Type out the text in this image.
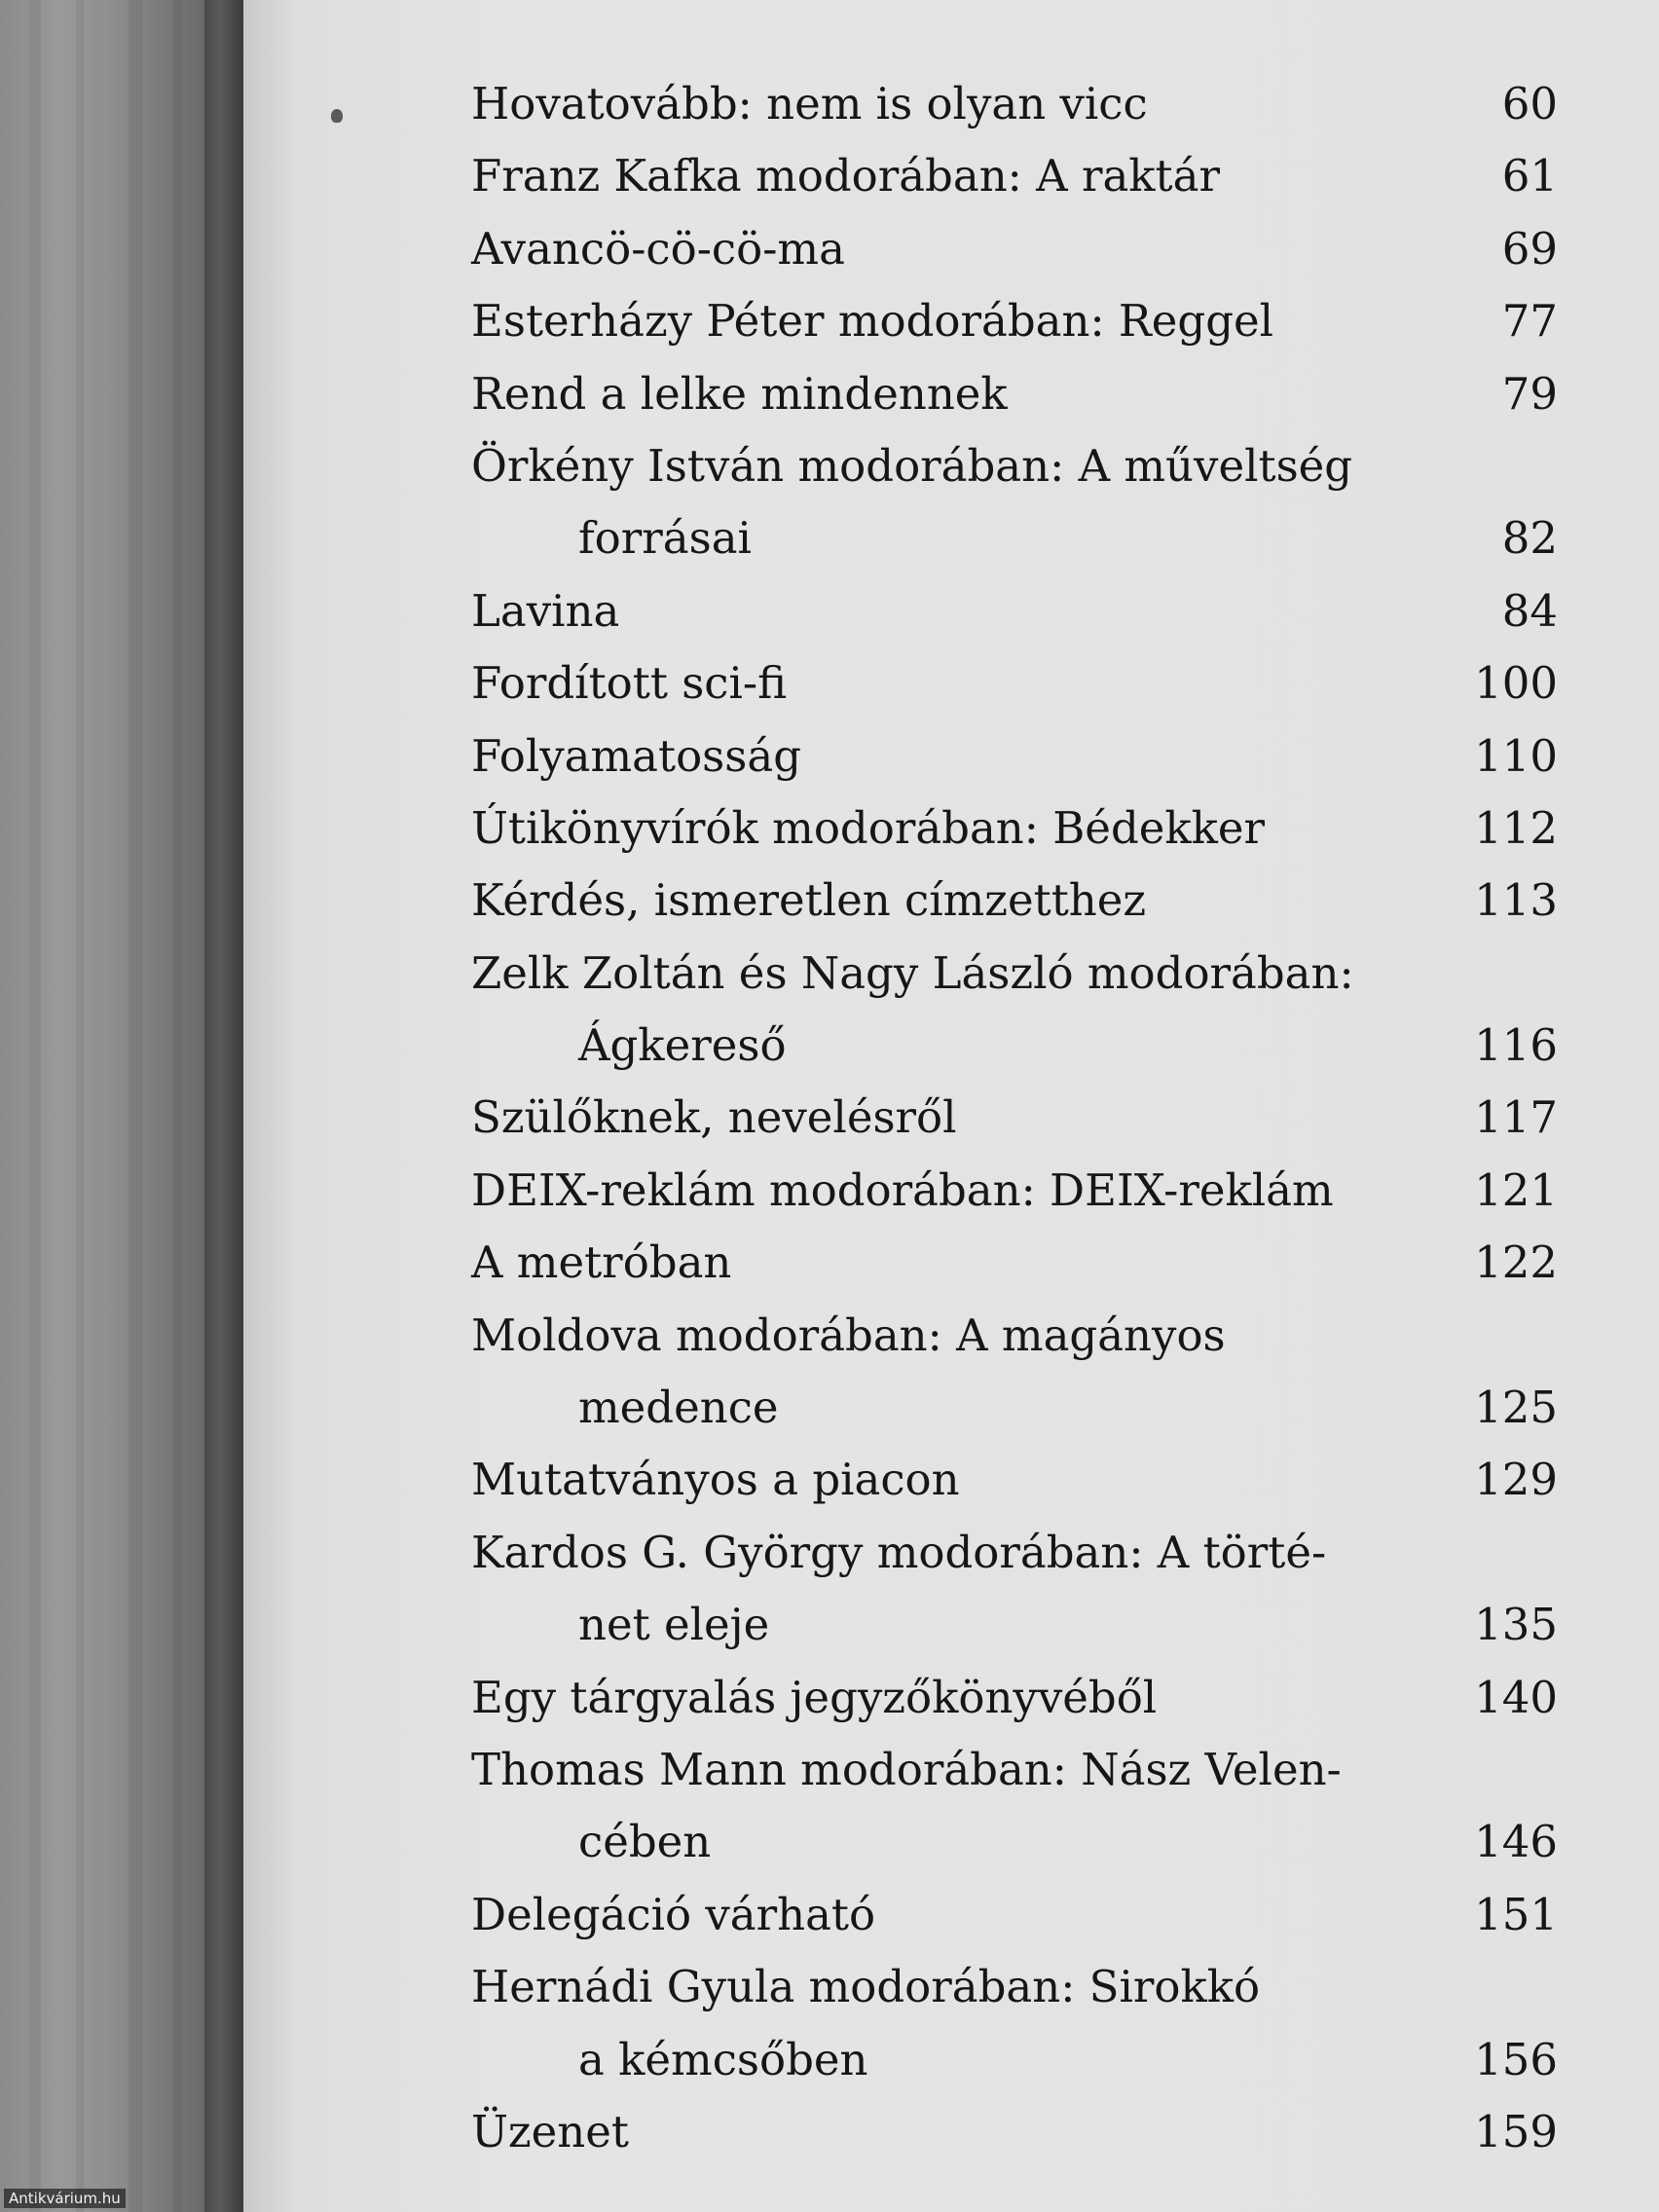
Hovatovább: nem is olyan vicc	60
Franz Kafka modorában: A raktár	61
Avancö-cö-cö-ma	69
Esterházy Péter modorában: Reggel	77
Rend a lelke mindennek	79
Örkény István modorában: A műveltség
forrásai	82
Lavina	84
Fordított sci-fi	100
Folyamatosság	110
Útikönyvírók modorában: Bédekker	112
Kérdés, ismeretlen címzetthez	113
Zelk Zoltán és Nagy László modorában:
Ágkereső	116
Szülőknek, nevelésről	117
DEIX-reklám modorában: DEIX-reklám	121
A metróban	122
Moldova modorában: A magányos
medence	125
Mutatványos a piacon	129
Kardos G. György modorában: A törté-
net eleje	135
Egy tárgyalás jegyzőkönyvéből	140
Thomas Mann modorában: Nász Velen-
cében	146
Delegáció várható	151
Hernádi Gyula modorában: Sirokkó
a kémcsőben	156
Üzenet	159
Antikvárium.hu
